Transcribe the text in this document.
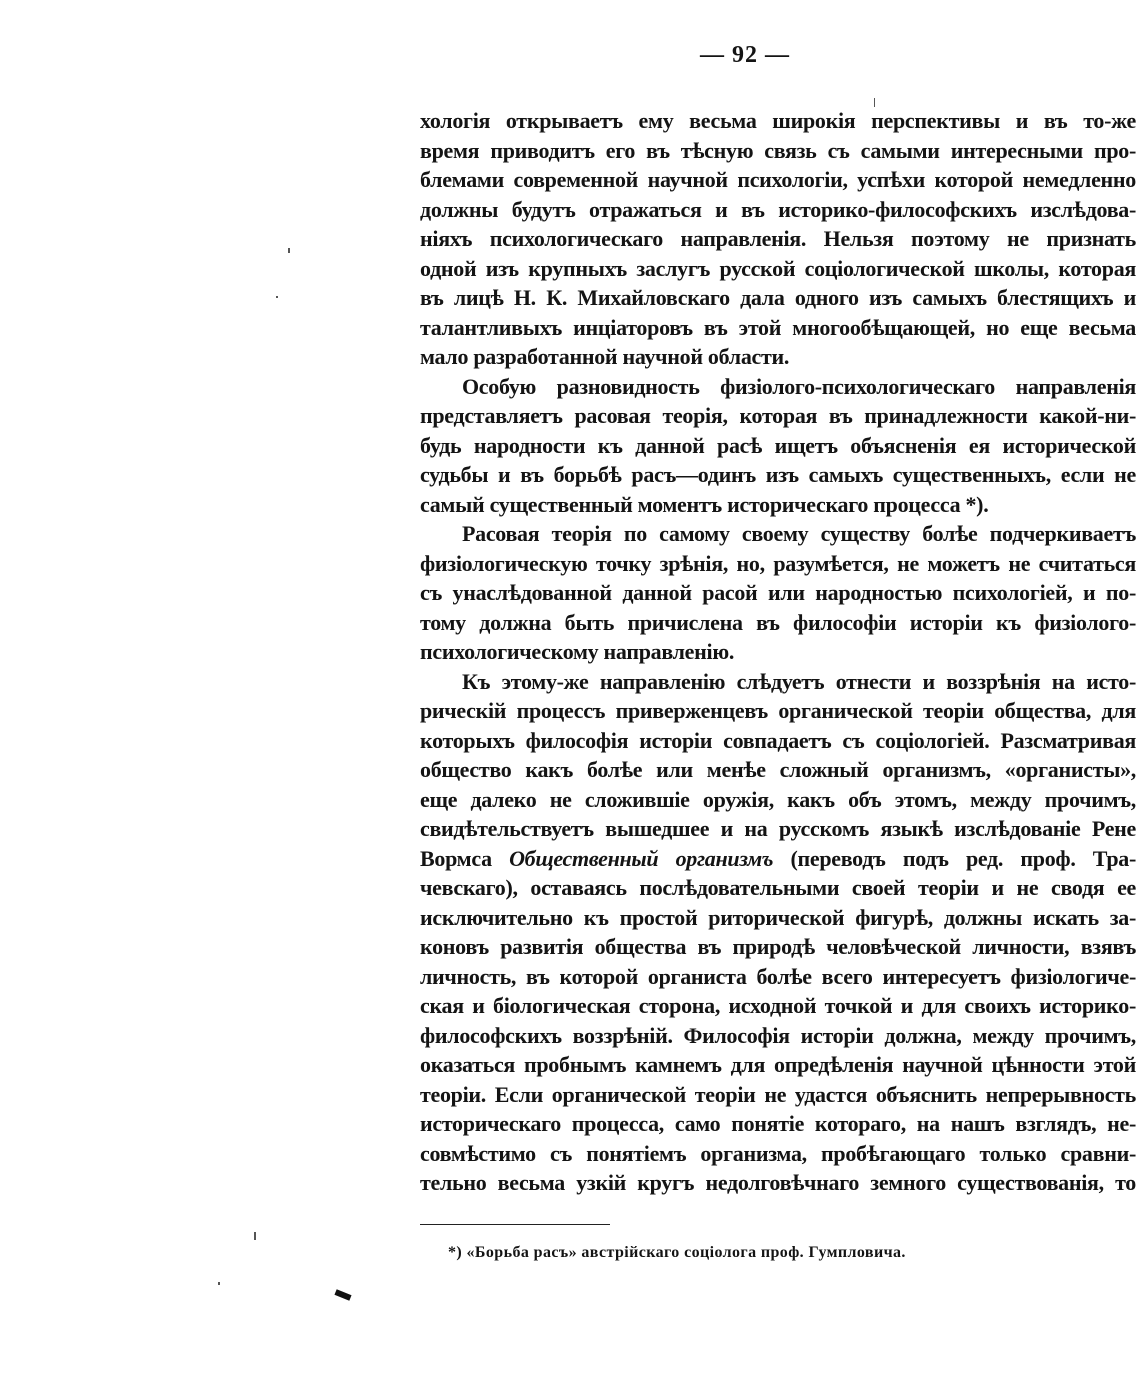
— 92 —
хологія открываетъ ему весьма широкія перспективы и въ то-же
время приводитъ его въ тѣсную связь съ самыми интересными про-
блемами современной научной психологіи, успѣхи которой немедленно
должны будутъ отражаться и въ историко-философскихъ изслѣдова-
ніяхъ психологическаго направленія. Нельзя поэтому не признать
одной изъ крупныхъ заслугъ русской соціологической школы, которая
въ лицѣ Н. К. Михайловскаго дала одного изъ самыхъ блестящихъ и
талантливыхъ инціаторовъ въ этой многообѣщающей, но еще весьма
мало разработанной научной области.
Особую разновидность физіолого-психологическаго направленія
представляетъ расовая теорія, которая въ принадлежности какой-ни-
будь народности къ данной расѣ ищетъ объясненія ея исторической
судьбы и въ борьбѣ расъ—одинъ изъ самыхъ существенныхъ, если не
самый существенный моментъ историческаго процесса *).
Расовая теорія по самому своему существу болѣе подчеркиваетъ
физіологическую точку зрѣнія, но, разумѣется, не можетъ не считаться
съ унаслѣдованной данной расой или народностью психологіей, и по-
тому должна быть причислена въ философіи исторіи къ физіолого-
психологическому направленію.
Къ этому-же направленію слѣдуетъ отнести и воззрѣнія на исто-
рическій процессъ приверженцевъ органической теоріи общества, для
которыхъ философія исторіи совпадаетъ съ соціологіей. Разсматривая
общество какъ болѣе или менѣе сложный организмъ, «органисты»,
еще далеко не сложившіе оружія, какъ объ этомъ, между прочимъ,
свидѣтельствуетъ вышедшее и на русскомъ языкѣ изслѣдованіе Рене
Вормса Общественный организмъ (переводъ подъ ред. проф. Тра-
чевскаго), оставаясь послѣдовательными своей теоріи и не сводя ее
исключительно къ простой риторической фигурѣ, должны искать за-
коновъ развитія общества въ природѣ человѣческой личности, взявъ
личность, въ которой органиста болѣе всего интересуетъ физіологиче-
ская и біологическая сторона, исходной точкой и для своихъ историко-
философскихъ воззрѣній. Философія исторіи должна, между прочимъ,
оказаться пробнымъ камнемъ для опредѣленія научной цѣнности этой
теоріи. Если органической теоріи не удастся объяснить непрерывность
историческаго процесса, само понятіе котораго, на нашъ взглядъ, не-
совмѣстимо съ понятіемъ организма, пробѣгающаго только сравни-
тельно весьма узкій кругъ недолговѣчнаго земного существованія, то
*) «Борьба расъ» австрійскаго соціолога проф. Гумпловича.
